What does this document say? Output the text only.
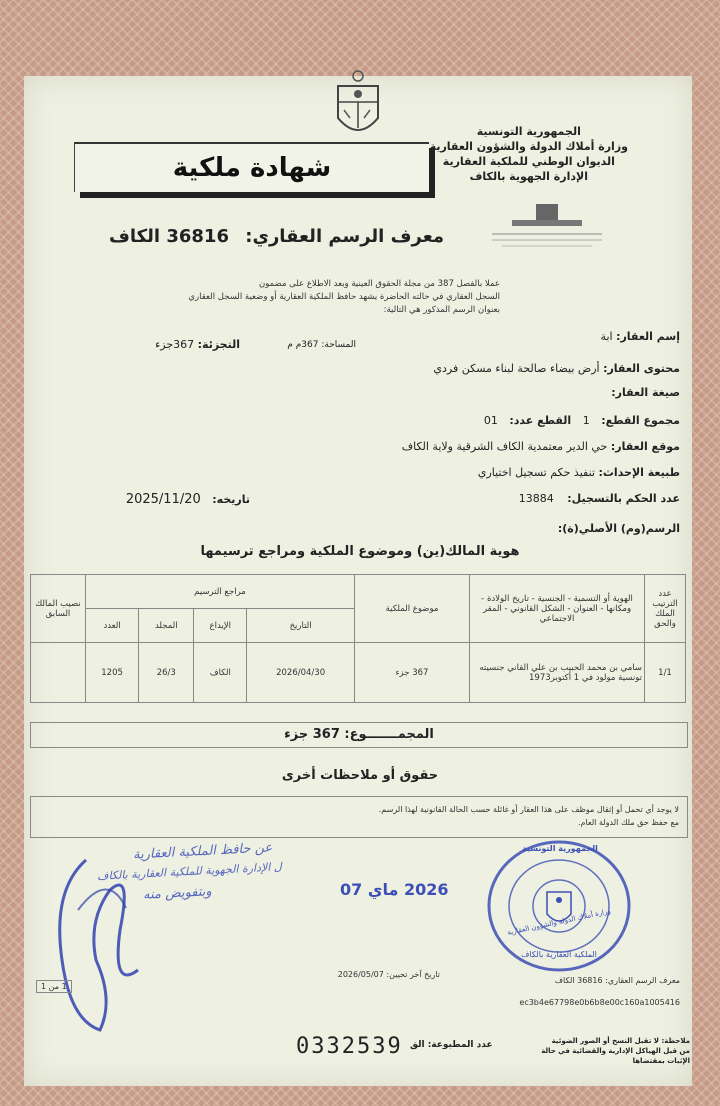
الجمهورية التونسية
وزارة أملاك الدولة والشؤون العقارية
الديوان الوطني للملكية العقارية
الإدارة الجهوية بالكاف
شهادة ملكية
معرف الرسم العقاري: 36816 الكاف
عملا بالفصل 387 من مجلة الحقوق العينية وبعد الاطلاع على مضمون
السجل العقاري في حالته الحاضرة يشهد حافظ الملكية العقارية أو وضعية السجل العقاري
بعنوان الرسم المذكور هي التالية:
إسم العقار: ابة
المساحة: 367م م
التجزئة: 367جزء
محتوى العقار: أرض بيضاء صالحة لبناء مسكن فردي
صيغة العقار:
مجموع القطع: 1 القطع عدد: 01
موقع العقار: حي الدير معتمدية الكاف الشرقية ولاية الكاف
طبيعة الإحداث: تنفيذ حكم تسجيل اختياري
عدد الحكم بالتسجيل: 13884
تاريخه: 2025/11/20
الرسم(وم) الأصلي(ة):
هوية المالك(ين) وموضوع الملكية ومراجع ترسيمها
عدد الترتيب الملك والحق	الهوية أو التسمية - الجنسية - تاريخ الولادة - ومكانها - العنوان - الشكل القانوني - المقر الاجتماعي	موضوع الملكية	مراجع الترسيم				نصيب المالك السابق
			التاريخ	الإيداع	المجلد	العدد	
1/1	سامي بن محمد الحبيب بن علي القاني جنسيته تونسية مولود في 1 أكتوبر1973	367 جزء	2026/04/30	الكاف	26/3	1205	
المجمـــــــوع: 367 جزء
حقوق أو ملاحظات أخرى
لا يوجد أي تحمل أو إثقال موظف على هذا العقار أو غائلة حسب الحالة القانونية لهذا الرسم.
مع حفظ حق ملك الدولة العام.
عن حافظ الملكية العقارية
ل الإدارة الجهوية للملكية العقارية بالكاف
وبتفويض منه	2026 ماي 07
الجمهورية التونسية
وزارة أملاك الدولة والشؤون العقارية
الملكية العقارية بالكاف
معرف الرسم العقاري: 36816 الكاف
تاريخ آخر تحيين: 2026/05/07
1 من 1
ec3b4e67798e0b6b8e00c160a1005416
0332539 عدد المطبوعة: الق	ملاحظة: لا تقبل النسخ أو الصور الضوئية من قبل الهياكل الإدارية والقضائية في حالة الإثبات بمقتضاها
